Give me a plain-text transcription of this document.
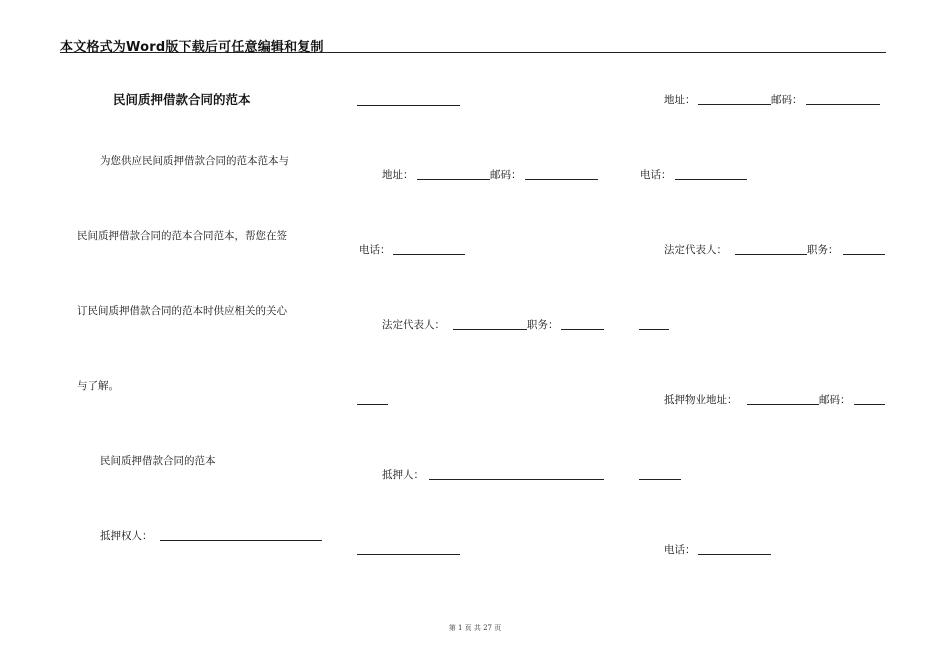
本文格式为Word版下载后可任意编辑和复制
民间质押借款合同的范本
为您供应民间质押借款合同的范本范本与
民间质押借款合同的范本合同范本，帮您在签
订民间质押借款合同的范本时供应相关的关心
与了解。
民间质押借款合同的范本
抵押权人：
地址：	邮码：
电话：
法定代表人：	职务：
抵押人：
地址：	邮码：
电话：
法定代表人：	职务：
抵押物业地址：	邮码：
电话：
第 1 页 共 27 页
